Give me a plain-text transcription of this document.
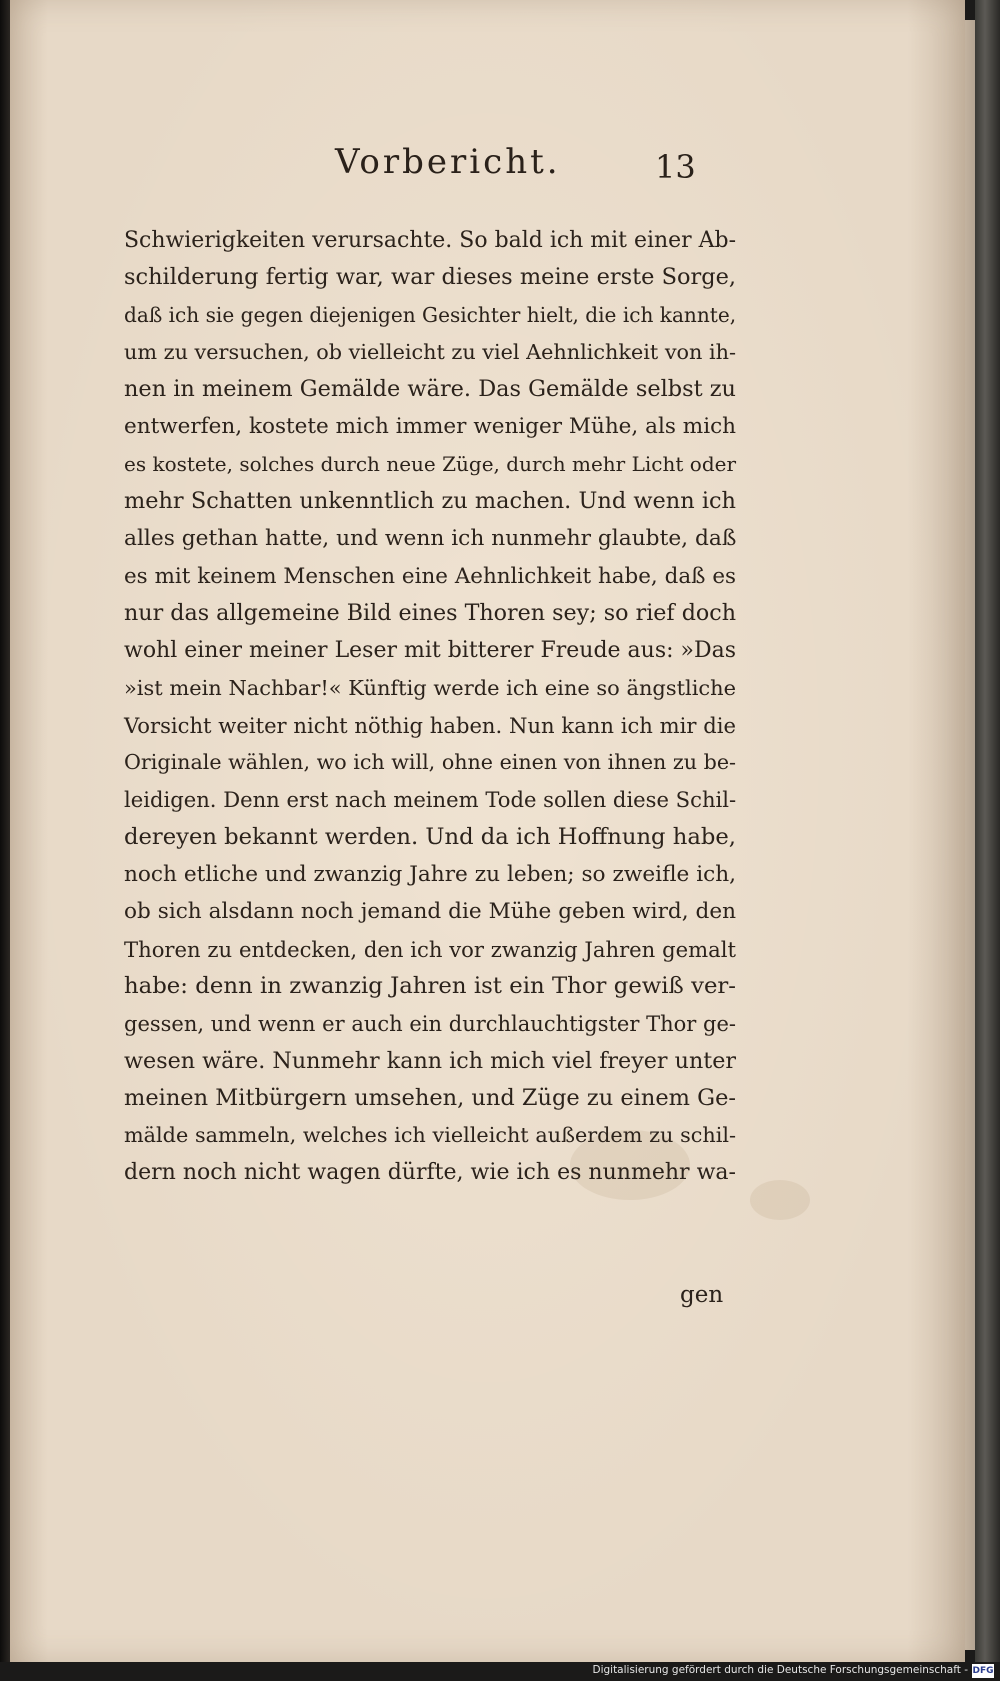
Vorbericht.	13
Schwierigkeiten verursachte. So bald ich mit einer Ab-
schilderung fertig war, war dieses meine erste Sorge,
daß ich sie gegen diejenigen Gesichter hielt, die ich kannte,
um zu versuchen, ob vielleicht zu viel Aehnlichkeit von ih-
nen in meinem Gemälde wäre. Das Gemälde selbst zu
entwerfen, kostete mich immer weniger Mühe, als mich
es kostete, solches durch neue Züge, durch mehr Licht oder
mehr Schatten unkenntlich zu machen. Und wenn ich
alles gethan hatte, und wenn ich nunmehr glaubte, daß
es mit keinem Menschen eine Aehnlichkeit habe, daß es
nur das allgemeine Bild eines Thoren sey; so rief doch
wohl einer meiner Leser mit bitterer Freude aus: »Das
»ist mein Nachbar!« Künftig werde ich eine so ängstliche
Vorsicht weiter nicht nöthig haben. Nun kann ich mir die
Originale wählen, wo ich will, ohne einen von ihnen zu be-
leidigen. Denn erst nach meinem Tode sollen diese Schil-
dereyen bekannt werden. Und da ich Hoffnung habe,
noch etliche und zwanzig Jahre zu leben; so zweifle ich,
ob sich alsdann noch jemand die Mühe geben wird, den
Thoren zu entdecken, den ich vor zwanzig Jahren gemalt
habe: denn in zwanzig Jahren ist ein Thor gewiß ver-
gessen, und wenn er auch ein durchlauchtigster Thor ge-
wesen wäre. Nunmehr kann ich mich viel freyer unter
meinen Mitbürgern umsehen, und Züge zu einem Ge-
mälde sammeln, welches ich vielleicht außerdem zu schil-
dern noch nicht wagen dürfte, wie ich es nunmehr wa-
gen
Digitalisierung gefördert durch die Deutsche Forschungsgemeinschaft - DFG
